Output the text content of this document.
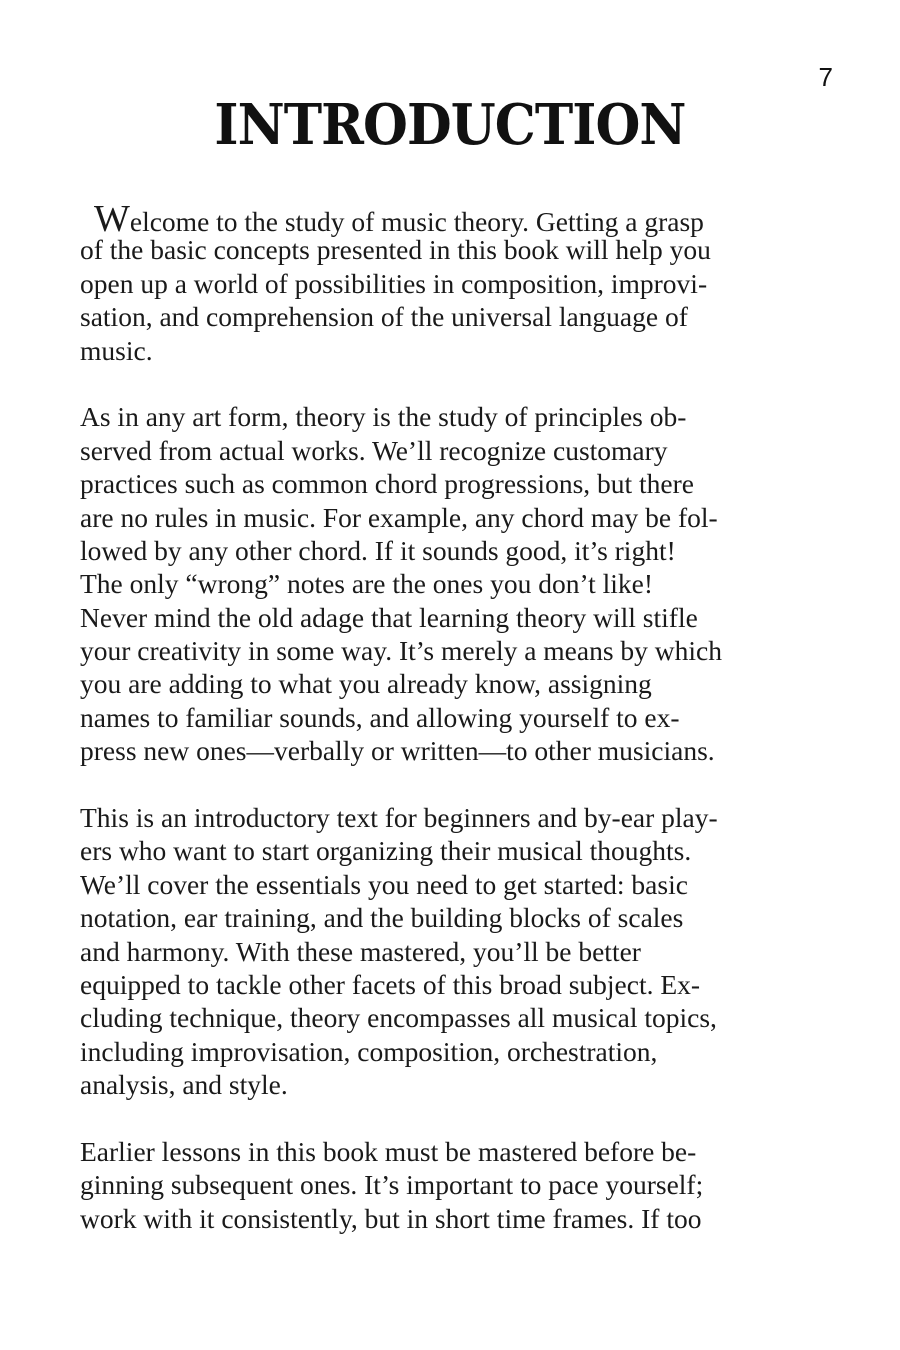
7
INTRODUCTION
Welcome to the study of music theory. Getting a grasp
of the basic concepts presented in this book will help you
open up a world of possibilities in composition, improvi-
sation, and comprehension of the universal language of
music.
As in any art form, theory is the study of principles ob-
served from actual works. We’ll recognize customary
practices such as common chord progressions, but there
are no rules in music. For example, any chord may be fol-
lowed by any other chord. If it sounds good, it’s right!
The only “wrong” notes are the ones you don’t like!
Never mind the old adage that learning theory will stifle
your creativity in some way. It’s merely a means by which
you are adding to what you already know, assigning
names to familiar sounds, and allowing yourself to ex-
press new ones—verbally or written—to other musicians.
This is an introductory text for beginners and by-ear play-
ers who want to start organizing their musical thoughts.
We’ll cover the essentials you need to get started: basic
notation, ear training, and the building blocks of scales
and harmony. With these mastered, you’ll be better
equipped to tackle other facets of this broad subject. Ex-
cluding technique, theory encompasses all musical topics,
including improvisation, composition, orchestration,
analysis, and style.
Earlier lessons in this book must be mastered before be-
ginning subsequent ones. It’s important to pace yourself;
work with it consistently, but in short time frames. If too
